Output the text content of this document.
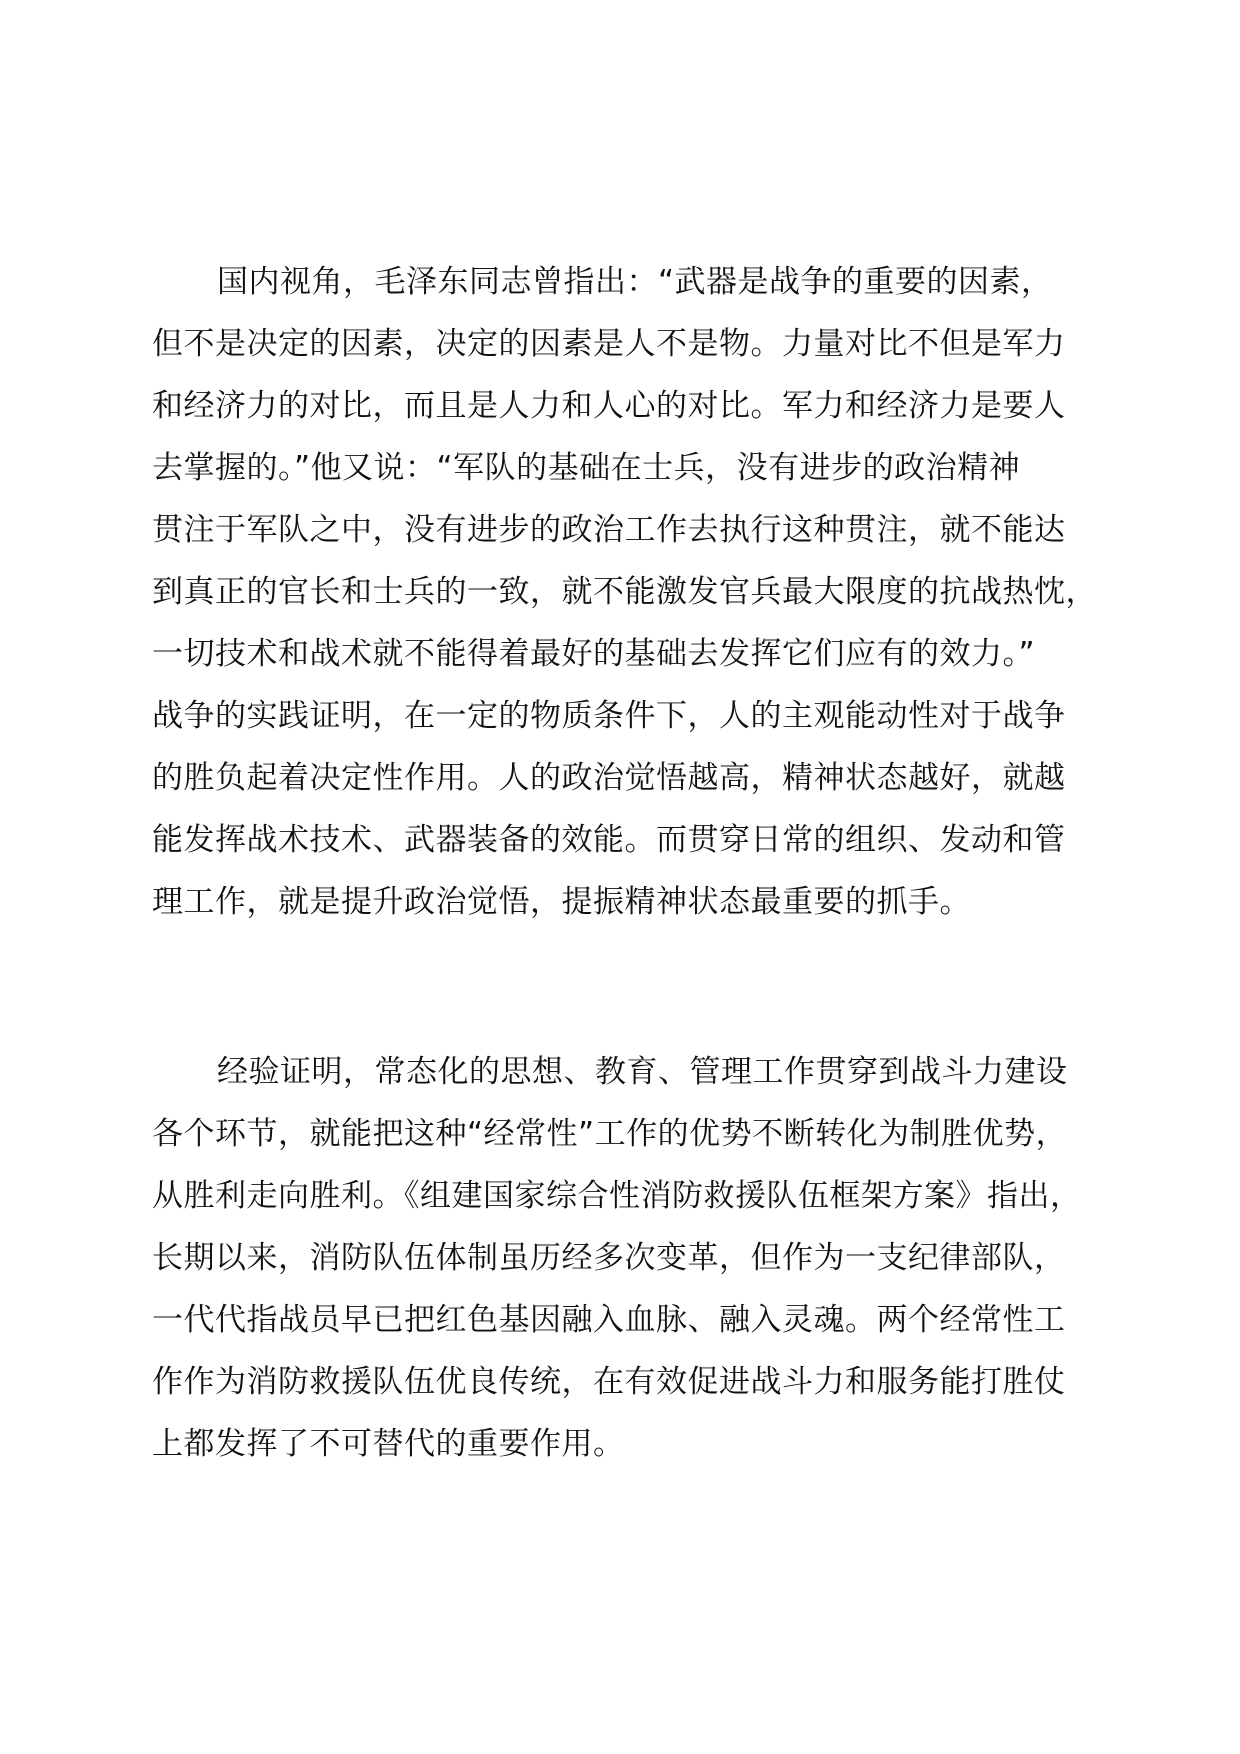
国内视角，毛泽东同志曾指出：“武器是战争的重要的因素，
但不是决定的因素，决定的因素是人不是物。力量对比不但是军力
和经济力的对比，而且是人力和人心的对比。军力和经济力是要人
去掌握的。”他又说：“军队的基础在士兵，没有进步的政治精神
贯注于军队之中，没有进步的政治工作去执行这种贯注，就不能达
到真正的官长和士兵的一致，就不能激发官兵最大限度的抗战热忱，
一切技术和战术就不能得着最好的基础去发挥它们应有的效力。”
战争的实践证明，在一定的物质条件下，人的主观能动性对于战争
的胜负起着决定性作用。人的政治觉悟越高，精神状态越好，就越
能发挥战术技术、武器装备的效能。而贯穿日常的组织、发动和管
理工作，就是提升政治觉悟，提振精神状态最重要的抓手。
经验证明，常态化的思想、教育、管理工作贯穿到战斗力建设
各个环节，就能把这种“经常性”工作的优势不断转化为制胜优势，
从胜利走向胜利。《组建国家综合性消防救援队伍框架方案》指出，
长期以来，消防队伍体制虽历经多次变革，但作为一支纪律部队，
一代代指战员早已把红色基因融入血脉、融入灵魂。两个经常性工
作作为消防救援队伍优良传统，在有效促进战斗力和服务能打胜仗
上都发挥了不可替代的重要作用。
